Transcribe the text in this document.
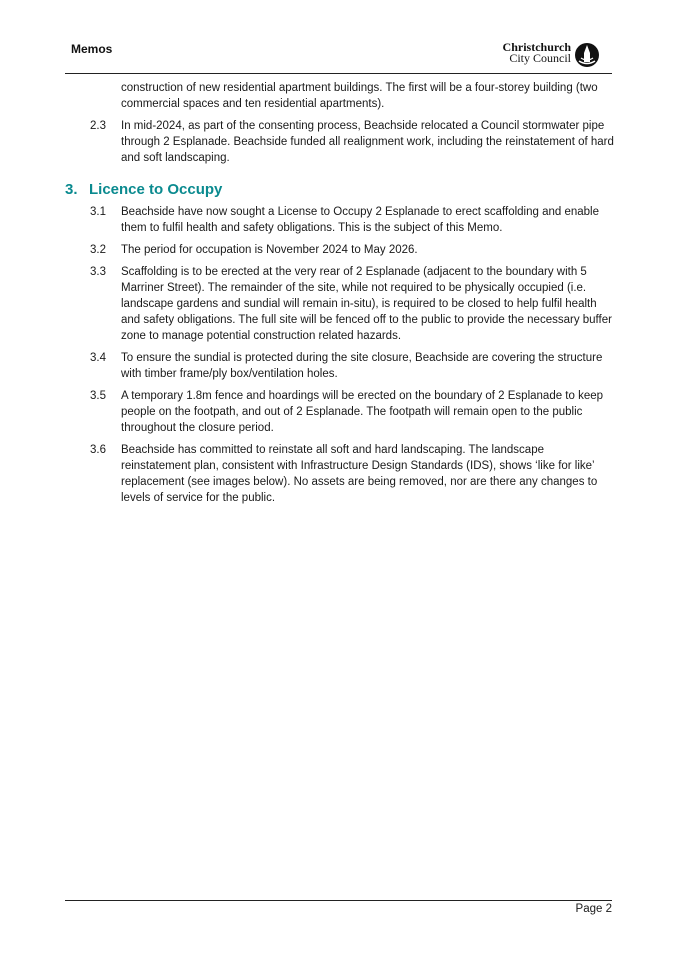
Memos	Christchurch
City Council
construction of new residential apartment buildings. The first will be a four-storey building (two commercial spaces and ten residential apartments).
2.3	In mid-2024, as part of the consenting process, Beachside relocated a Council stormwater pipe through 2 Esplanade. Beachside funded all realignment work, including the reinstatement of hard and soft landscaping.
3. Licence to Occupy
3.1	Beachside have now sought a License to Occupy 2 Esplanade to erect scaffolding and enable them to fulfil health and safety obligations. This is the subject of this Memo.
3.2	The period for occupation is November 2024 to May 2026.
3.3	Scaffolding is to be erected at the very rear of 2 Esplanade (adjacent to the boundary with 5 Marriner Street). The remainder of the site, while not required to be physically occupied (i.e. landscape gardens and sundial will remain in-situ), is required to be closed to help fulfil health and safety obligations. The full site will be fenced off to the public to provide the necessary buffer zone to manage potential construction related hazards.
3.4	To ensure the sundial is protected during the site closure, Beachside are covering the structure with timber frame/ply box/ventilation holes.
3.5	A temporary 1.8m fence and hoardings will be erected on the boundary of 2 Esplanade to keep people on the footpath, and out of 2 Esplanade. The footpath will remain open to the public throughout the closure period.
3.6	Beachside has committed to reinstate all soft and hard landscaping. The landscape reinstatement plan, consistent with Infrastructure Design Standards (IDS), shows ‘like for like’ replacement (see images below). No assets are being removed, nor are there any changes to levels of service for the public.
Page 2
